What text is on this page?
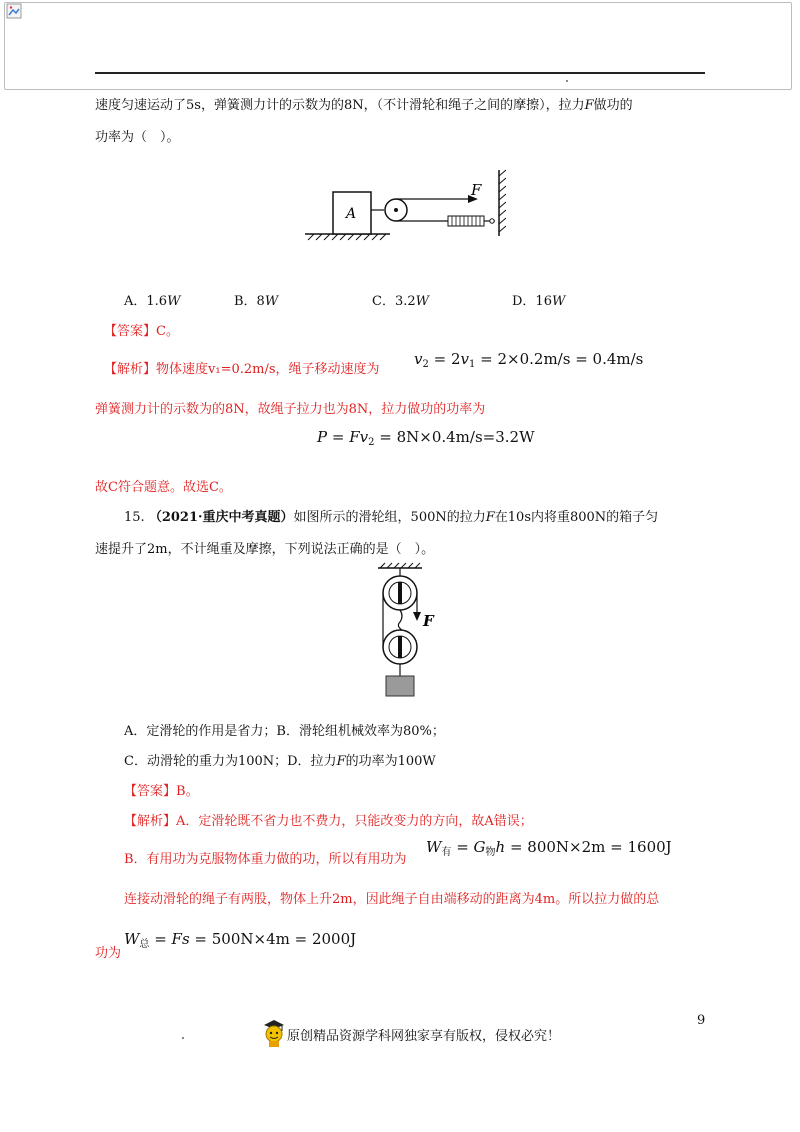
速度匀速运动了5s，弹簧测力计的示数为的8N，（不计滑轮和绳子之间的摩擦），拉力F做功的
功率为（　）。
A
F
A．1.6W	B．8W	C．3.2W	D．16W
【答案】C。
【解析】物体速度v₁=0.2m/s，绳子移动速度为
$v_2 = 2v_1 = 2\times 0.2m/s = 0.4m/s$
弹簧测力计的示数为的8N，故绳子拉力也为8N，拉力做功的功率为
$P = Fv_2 = 8N\times 0.4m/s=3.2W$
故C符合题意。故选C。
15. （2021·重庆中考真题）如图所示的滑轮组，500N的拉力F在10s内将重800N的箱子匀
速提升了2m，不计绳重及摩擦，下列说法正确的是（　）。
F
A．定滑轮的作用是省力；B．滑轮组机械效率为80%；
C．动滑轮的重力为100N；D．拉力F的功率为100W
【答案】B。
【解析】A．定滑轮既不省力也不费力，只能改变力的方向，故A错误；
B．有用功为克服物体重力做的功，所以有用功为
$W_有 = G_物h = 800N\times 2m = 1600J$
连接动滑轮的绳子有两股，物体上升2m，因此绳子自由端移动的距离为4m。所以拉力做的总
功为
$W_总 = Fs = 500N\times 4m = 2000J$
9
原创精品资源学科网独家享有版权，侵权必究！
